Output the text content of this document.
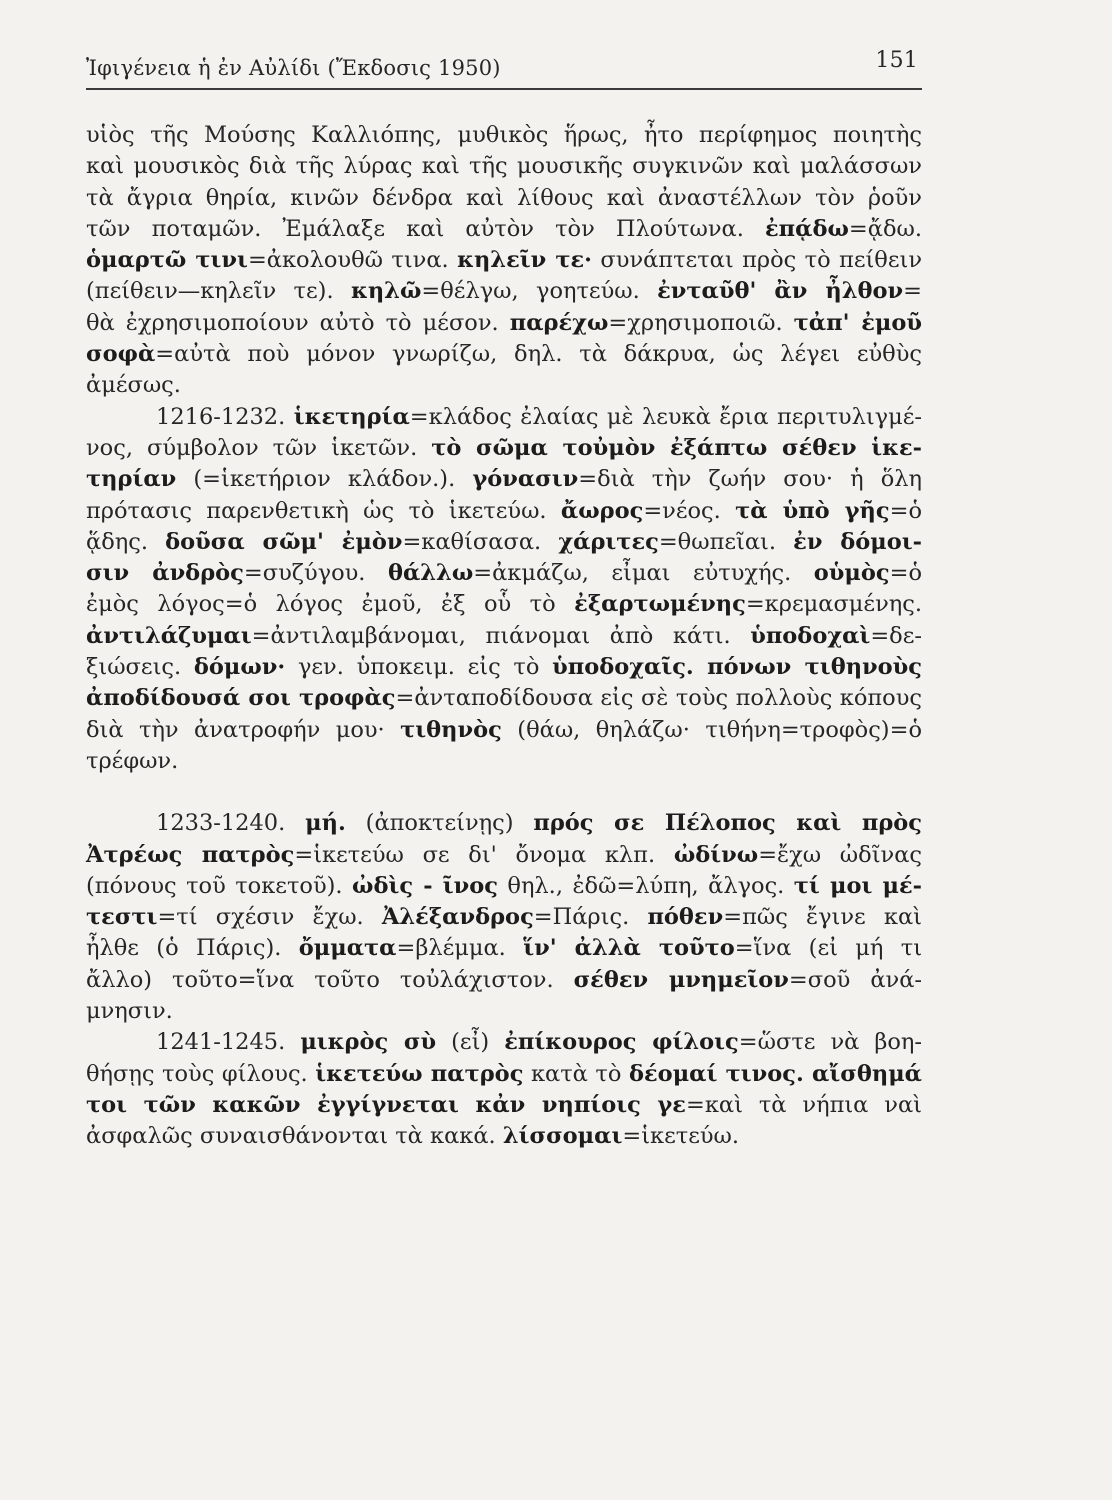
Ἰφιγένεια ἡ ἐν Αὐλίδι (Ἔκδοσις 1950)	151
υἱὸς τῆς Μούσης Καλλιόπης, μυθικὸς ἥρως, ἦτο περίφημος ποιητὴς
καὶ μουσικὸς διὰ τῆς λύρας καὶ τῆς μουσικῆς συγκινῶν καὶ μαλάσσων
τὰ ἄγρια θηρία, κινῶν δένδρα καὶ λίθους καὶ ἀναστέλλων τὸν ῥοῦν
τῶν ποταμῶν. Ἐμάλαξε καὶ αὐτὸν τὸν Πλούτωνα. ἐπᾴδω=ᾄδω.
ὁμαρτῶ τινι=ἀκολουθῶ τινα. κηλεῖν τε· συνάπτεται πρὸς τὸ πείθειν
(πείθειν—κηλεῖν τε). κηλῶ=θέλγω, γοητεύω. ἐνταῦθ' ἂν ἦλθον=
θὰ ἐχρησιμοποίουν αὐτὸ τὸ μέσον. παρέχω=χρησιμοποιῶ. τἀπ' ἐμοῦ
σοφὰ=αὐτὰ ποὺ μόνον γνωρίζω, δηλ. τὰ δάκρυα, ὡς λέγει εὐθὺς
ἀμέσως.
1216-1232. ἱκετηρία=κλάδος ἐλαίας μὲ λευκὰ ἔρια περιτυλιγμέ-
νος, σύμβολον τῶν ἱκετῶν. τὸ σῶμα τοὐμὸν ἐξάπτω σέθεν ἱκε-
τηρίαν (=ἱκετήριον κλάδον.). γόνασιν=διὰ τὴν ζωήν σου· ἡ ὅλη
πρότασις παρενθετικὴ ὡς τὸ ἱκετεύω. ἄωρος=νέος. τὰ ὑπὸ γῆς=ὁ
ᾅδης. δοῦσα σῶμ' ἐμὸν=καθίσασα. χάριτες=θωπεῖαι. ἐν δόμοι-
σιν ἀνδρὸς=συζύγου. θάλλω=ἀκμάζω, εἶμαι εὐτυχής. οὑμὸς=ὁ
ἐμὸς λόγος=ὁ λόγος ἐμοῦ, ἐξ οὗ τὸ ἐξαρτωμένης=κρεμασμένης.
ἀντιλάζυμαι=ἀντιλαμβάνομαι, πιάνομαι ἀπὸ κάτι. ὑποδοχαὶ=δε-
ξιώσεις. δόμων· γεν. ὑποκειμ. εἰς τὸ ὑποδοχαῖς. πόνων τιθηνοὺς
ἀποδίδουσά σοι τροφὰς=ἀνταποδίδουσα εἰς σὲ τοὺς πολλοὺς κόπους
διὰ τὴν ἀνατροφήν μου· τιθηνὸς (θάω, θηλάζω· τιθήνη=τροφὸς)=ὁ
τρέφων.
1233-1240. μή. (ἀποκτείνῃς) πρός σε Πέλοπος καὶ πρὸς
Ἀτρέως πατρὸς=ἱκετεύω σε δι' ὄνομα κλπ. ὠδίνω=ἔχω ὠδῖνας
(πόνους τοῦ τοκετοῦ). ὠδὶς - ῖνος θηλ., ἐδῶ=λύπη, ἄλγος. τί μοι μέ-
τεστι=τί σχέσιν ἔχω. Ἀλέξανδρος=Πάρις. πόθεν=πῶς ἔγινε καὶ
ἦλθε (ὁ Πάρις). ὄμματα=βλέμμα. ἵν' ἀλλὰ τοῦτο=ἵνα (εἰ μή τι
ἄλλο) τοῦτο=ἵνα τοῦτο τοὐλάχιστον. σέθεν μνημεῖον=σοῦ ἀνά-
μνησιν.
1241-1245. μικρὸς σὺ (εἶ) ἐπίκουρος φίλοις=ὥστε νὰ βοη-
θήσῃς τοὺς φίλους. ἱκετεύω πατρὸς κατὰ τὸ δέομαί τινος. αἴσθημά
τοι τῶν κακῶν ἐγγίγνεται κἀν νηπίοις γε=καὶ τὰ νήπια ναὶ
ἀσφαλῶς συναισθάνονται τὰ κακά. λίσσομαι=ἱκετεύω.
